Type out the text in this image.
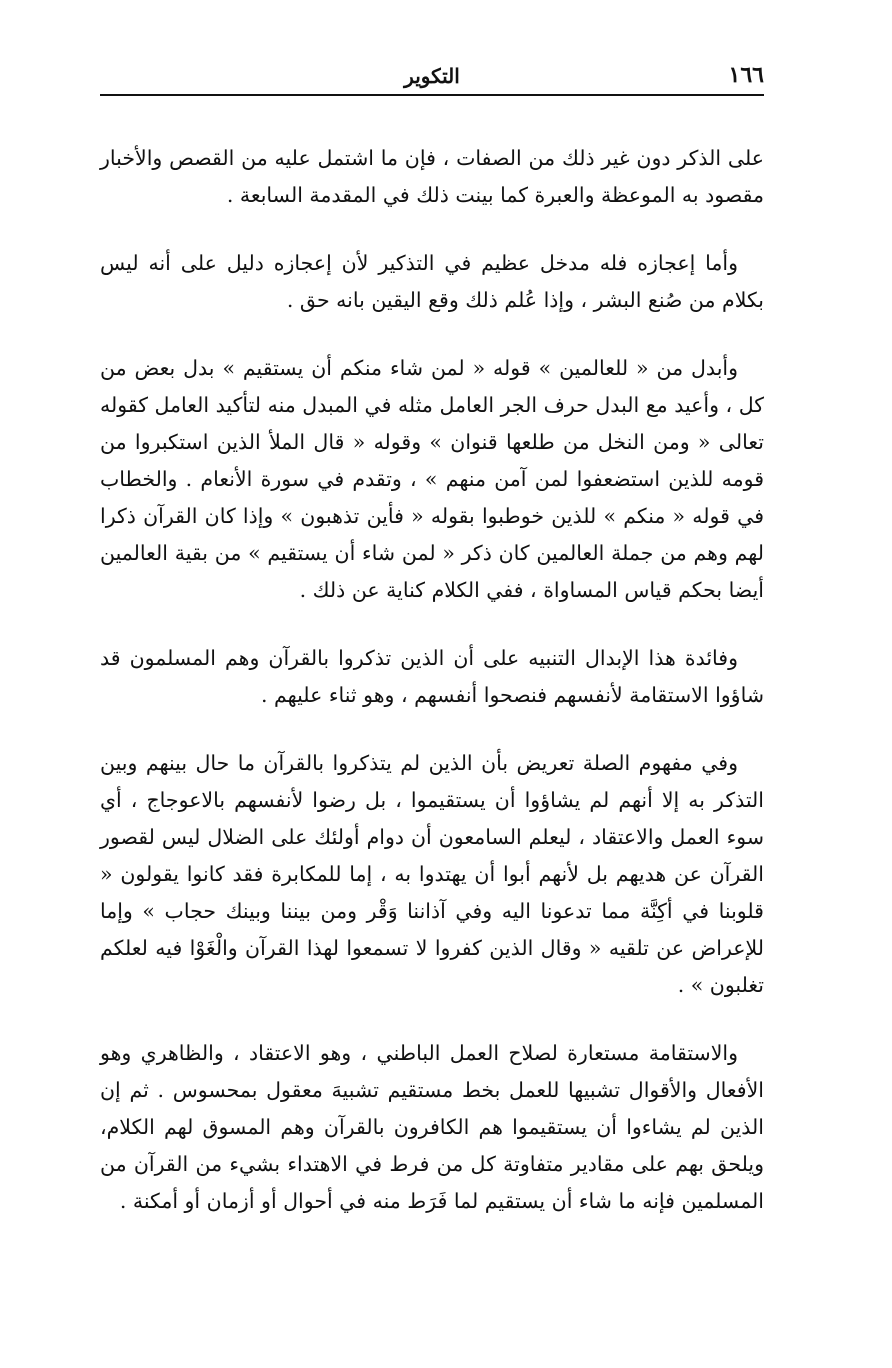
١٦٦
التكوير

على الذكر دون غير ذلك من الصفات ، فإن ما اشتمل عليه من القصص والأخبار مقصود به الموعظة والعبرة كما بينت ذلك في المقدمة السابعة .

وأما إعجازه فله مدخل عظيم في التذكير لأن إعجازه دليل على أنه ليس بكلام من صُنع البشر ، وإذا عُلم ذلك وقع اليقين بانه حق .

وأبدل من « للعالمين » قوله « لمن شاء منكم أن يستقيم » بدل بعض من كل ، وأعيد مع البدل حرف الجر العامل مثله في المبدل منه لتأكيد العامل كقوله تعالى « ومن النخل من طلعها قنوان » وقوله « قال الملأ الذين استكبروا من قومه للذين استضعفوا لمن آمن منهم » ، وتقدم في سورة الأنعام . والخطاب في قوله « منكم » للذين خوطبوا بقوله « فأين تذهبون » وإذا كان القرآن ذكرا لهم وهم من جملة العالمين كان ذكر « لمن شاء أن يستقيم » من بقية العالمين أيضا بحكم قياس المساواة ، ففي الكلام كناية عن ذلك .

وفائدة هذا الإبدال التنبيه على أن الذين تذكروا بالقرآن وهم المسلمون قد شاؤوا الاستقامة لأنفسهم فنصحوا أنفسهم ، وهو ثناء عليهم .

وفي مفهوم الصلة تعريض بأن الذين لم يتذكروا بالقرآن ما حال بينهم وبين التذكر به إلا أنهم لم يشاؤوا أن يستقيموا ، بل رضوا لأنفسهم بالاعوجاج ، أي سوء العمل والاعتقاد ، ليعلم السامعون أن دوام أولئك على الضلال ليس لقصور القرآن عن هديهم بل لأنهم أبوا أن يهتدوا به ، إما للمكابرة فقد كانوا يقولون « قلوبنا في أكِنَّة مما تدعونا اليه وفي آذاننا وَقْر ومن بيننا وبينك حجاب » وإما للإعراض عن تلقيه « وقال الذين كفروا لا تسمعوا لهذا القرآن والْغَوْا فيه لعلكم تغلبون » .

والاستقامة مستعارة لصلاح العمل الباطني ، وهو الاعتقاد ، والظاهري وهو الأفعال والأقوال تشبيها للعمل بخط مستقيم تشبيهَ معقول بمحسوس . ثم إن الذين لم يشاءوا أن يستقيموا هم الكافرون بالقرآن وهم المسوق لهم الكلام، ويلحق بهم على مقادير متفاوتة كل من فرط في الاهتداء بشيء من القرآن من المسلمين فإنه ما شاء أن يستقيم لما فَرَط منه في أحوال أو أزمان أو أمكنة .
